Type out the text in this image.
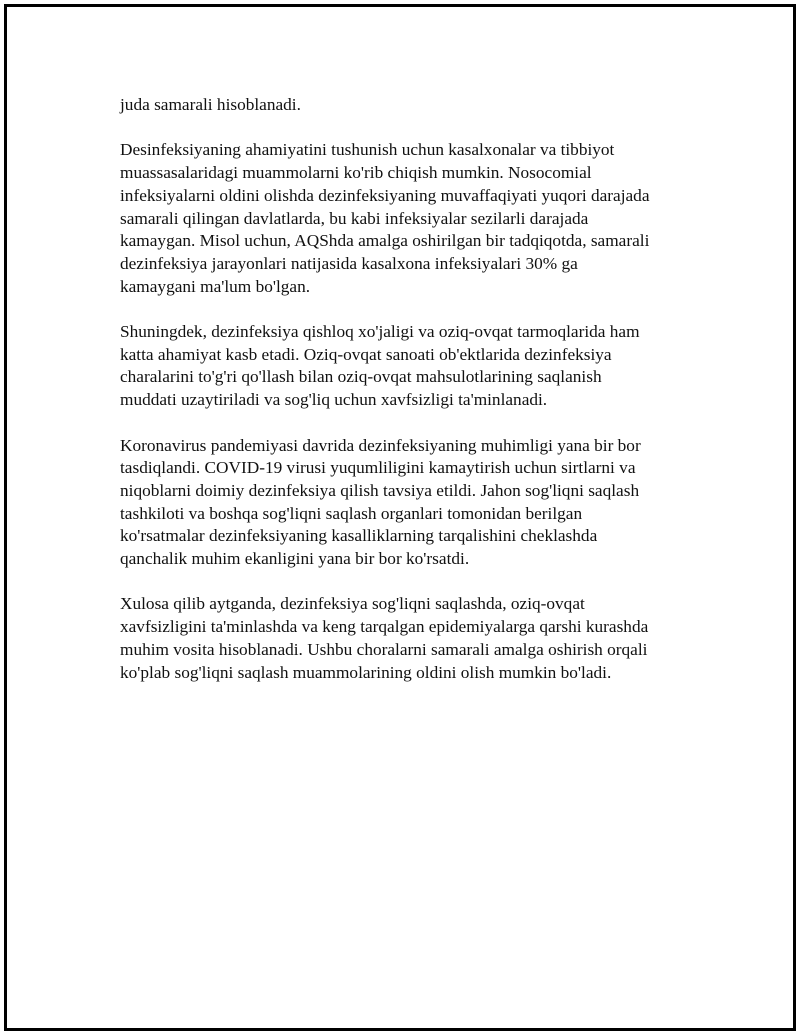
juda samarali hisoblanadi.

Desinfeksiyaning ahamiyatini tushunish uchun kasalxonalar va tibbiyot
muassasalaridagi muammolarni ko'rib chiqish mumkin. Nosocomial
infeksiyalarni oldini olishda dezinfeksiyaning muvaffaqiyati yuqori darajada
samarali qilingan davlatlarda, bu kabi infeksiyalar sezilarli darajada
kamaygan. Misol uchun, AQShda amalga oshirilgan bir tadqiqotda, samarali
dezinfeksiya jarayonlari natijasida kasalxona infeksiyalari 30% ga
kamaygani ma'lum bo'lgan.

Shuningdek, dezinfeksiya qishloq xo'jaligi va oziq-ovqat tarmoqlarida ham
katta ahamiyat kasb etadi. Oziq-ovqat sanoati ob'ektlarida dezinfeksiya
charalarini to'g'ri qo'llash bilan oziq-ovqat mahsulotlarining saqlanish
muddati uzaytiriladi va sog'liq uchun xavfsizligi ta'minlanadi.

Koronavirus pandemiyasi davrida dezinfeksiyaning muhimligi yana bir bor
tasdiqlandi. COVID-19 virusi yuqumliligini kamaytirish uchun sirtlarni va
niqoblarni doimiy dezinfeksiya qilish tavsiya etildi. Jahon sog'liqni saqlash
tashkiloti va boshqa sog'liqni saqlash organlari tomonidan berilgan
ko'rsatmalar dezinfeksiyaning kasalliklarning tarqalishini cheklashda
qanchalik muhim ekanligini yana bir bor ko'rsatdi.

Xulosa qilib aytganda, dezinfeksiya sog'liqni saqlashda, oziq-ovqat
xavfsizligini ta'minlashda va keng tarqalgan epidemiyalarga qarshi kurashda
muhim vosita hisoblanadi. Ushbu choralarni samarali amalga oshirish orqali
ko'plab sog'liqni saqlash muammolarining oldini olish mumkin bo'ladi.
